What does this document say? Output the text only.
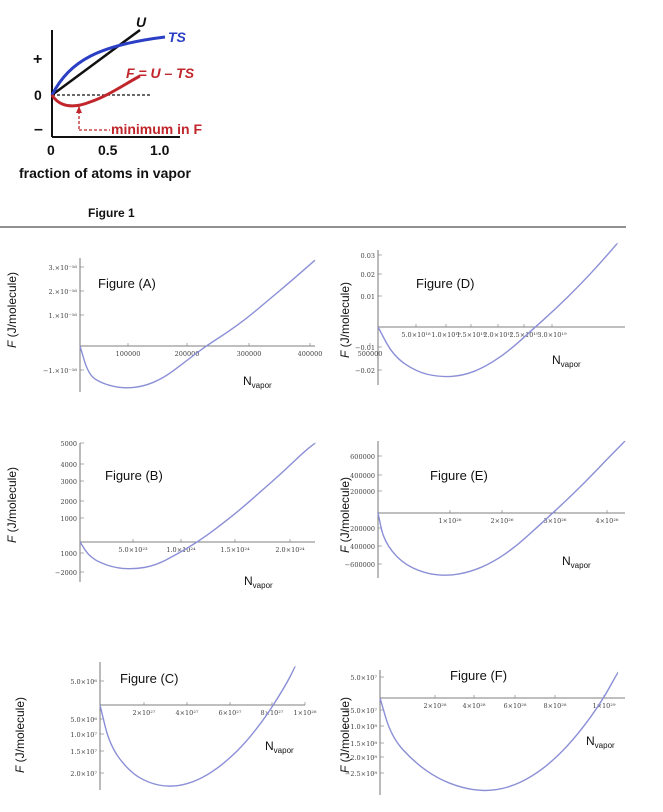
+
0
–
0	0.5 1.0
fraction of atoms in vapor
U
TS
F = U – TS
minimum in F
Figure 1
3.×10⁻¹⁶
2.×10⁻¹⁶
1.×10⁻¹⁶
−1.×10⁻¹⁶
100000	200000	300000	400000	500000
Figure (A)
F (J/molecule)
$N_{vapor}$
5000
4000
3000
2000
1000
1000
−2000
5.0×10²³	1.0×10²⁴	1.5×10²⁴	2.0×10²⁴
Figure (B)
F (J/molecule)
$N_{vapor}$
5.0×10⁶
5.0×10⁶
1.0×10⁷
1.5×10⁷
2.0×10⁷
2×10²⁷	4×10²⁷	6×10²⁷	8×10²⁷ 1×10²⁸
Figure (C)
F (J/molecule)	$N_{vapor}$
0.03
0.02
0.01
−0.01
−0.02
5.0×10¹⁸ 1.0×10¹⁹
1.5×10¹⁹
2.0×10¹⁹
2.5×10¹⁹
3.0×10¹⁹
Figure (D)
F (J/molecule)
$N_{vapor}$
600000
400000
200000
200000
400000
−600000
1×10²⁶	2×10²⁶	3×10²⁶	4×10²⁶
Figure (E)
F (J/molecule)
$N_{vapor}$
5.0×10⁷
−5.0×10⁷
−1.0×10⁸
−1.5×10⁸
−2.0×10⁸
−2.5×10⁸
2×10²⁸ 4×10²⁸	6×10²⁸	8×10²⁸	1×10²⁹
Figure (F)
F (J/molecule)	$N_{vapor}$
